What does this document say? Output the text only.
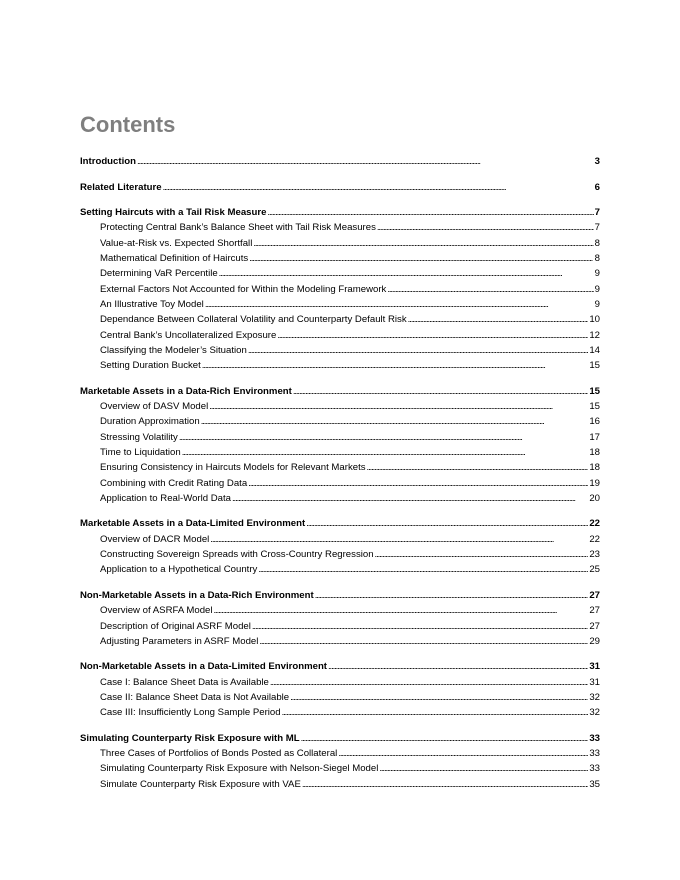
Contents
Introduction . . .	3
Related Literature . . .	6
Setting Haircuts with a Tail Risk Measure . . .	7
Protecting Central Bank’s Balance Sheet with Tail Risk Measures . . .	7
Value-at-Risk vs. Expected Shortfall . . .	8
Mathematical Definition of Haircuts . . .	8
Determining VaR Percentile . . .	9
External Factors Not Accounted for Within the Modeling Framework . . .	9
An Illustrative Toy Model . . .	9
Dependance Between Collateral Volatility and Counterparty Default Risk . . .	10
Central Bank’s Uncollateralized Exposure . . .	12
Classifying the Modeler’s Situation . . .	14
Setting Duration Bucket . . .	15
Marketable Assets in a Data-Rich Environment . . .	15
Overview of DASV Model . . .	15
Duration Approximation . . .	16
Stressing Volatility . . .	17
Time to Liquidation . . .	18
Ensuring Consistency in Haircuts Models for Relevant Markets . . .	18
Combining with Credit Rating Data . . .	19
Application to Real-World Data . . .	20
Marketable Assets in a Data-Limited Environment . . .	22
Overview of DACR Model . . .	22
Constructing Sovereign Spreads with Cross-Country Regression . . .	23
Application to a Hypothetical Country . . .	25
Non-Marketable Assets in a Data-Rich Environment . . .	27
Overview of ASRFA Model . . .	27
Description of Original ASRF Model . . .	27
Adjusting Parameters in ASRF Model . . .	29
Non-Marketable Assets in a Data-Limited Environment . . .	31
Case I: Balance Sheet Data is Available . . .	31
Case II: Balance Sheet Data is Not Available . . .	32
Case III: Insufficiently Long Sample Period . . .	32
Simulating Counterparty Risk Exposure with ML . . .	33
Three Cases of Portfolios of Bonds Posted as Collateral . . .	33
Simulating Counterparty Risk Exposure with Nelson-Siegel Model . . .	33
Simulate Counterparty Risk Exposure with VAE . . .	35
